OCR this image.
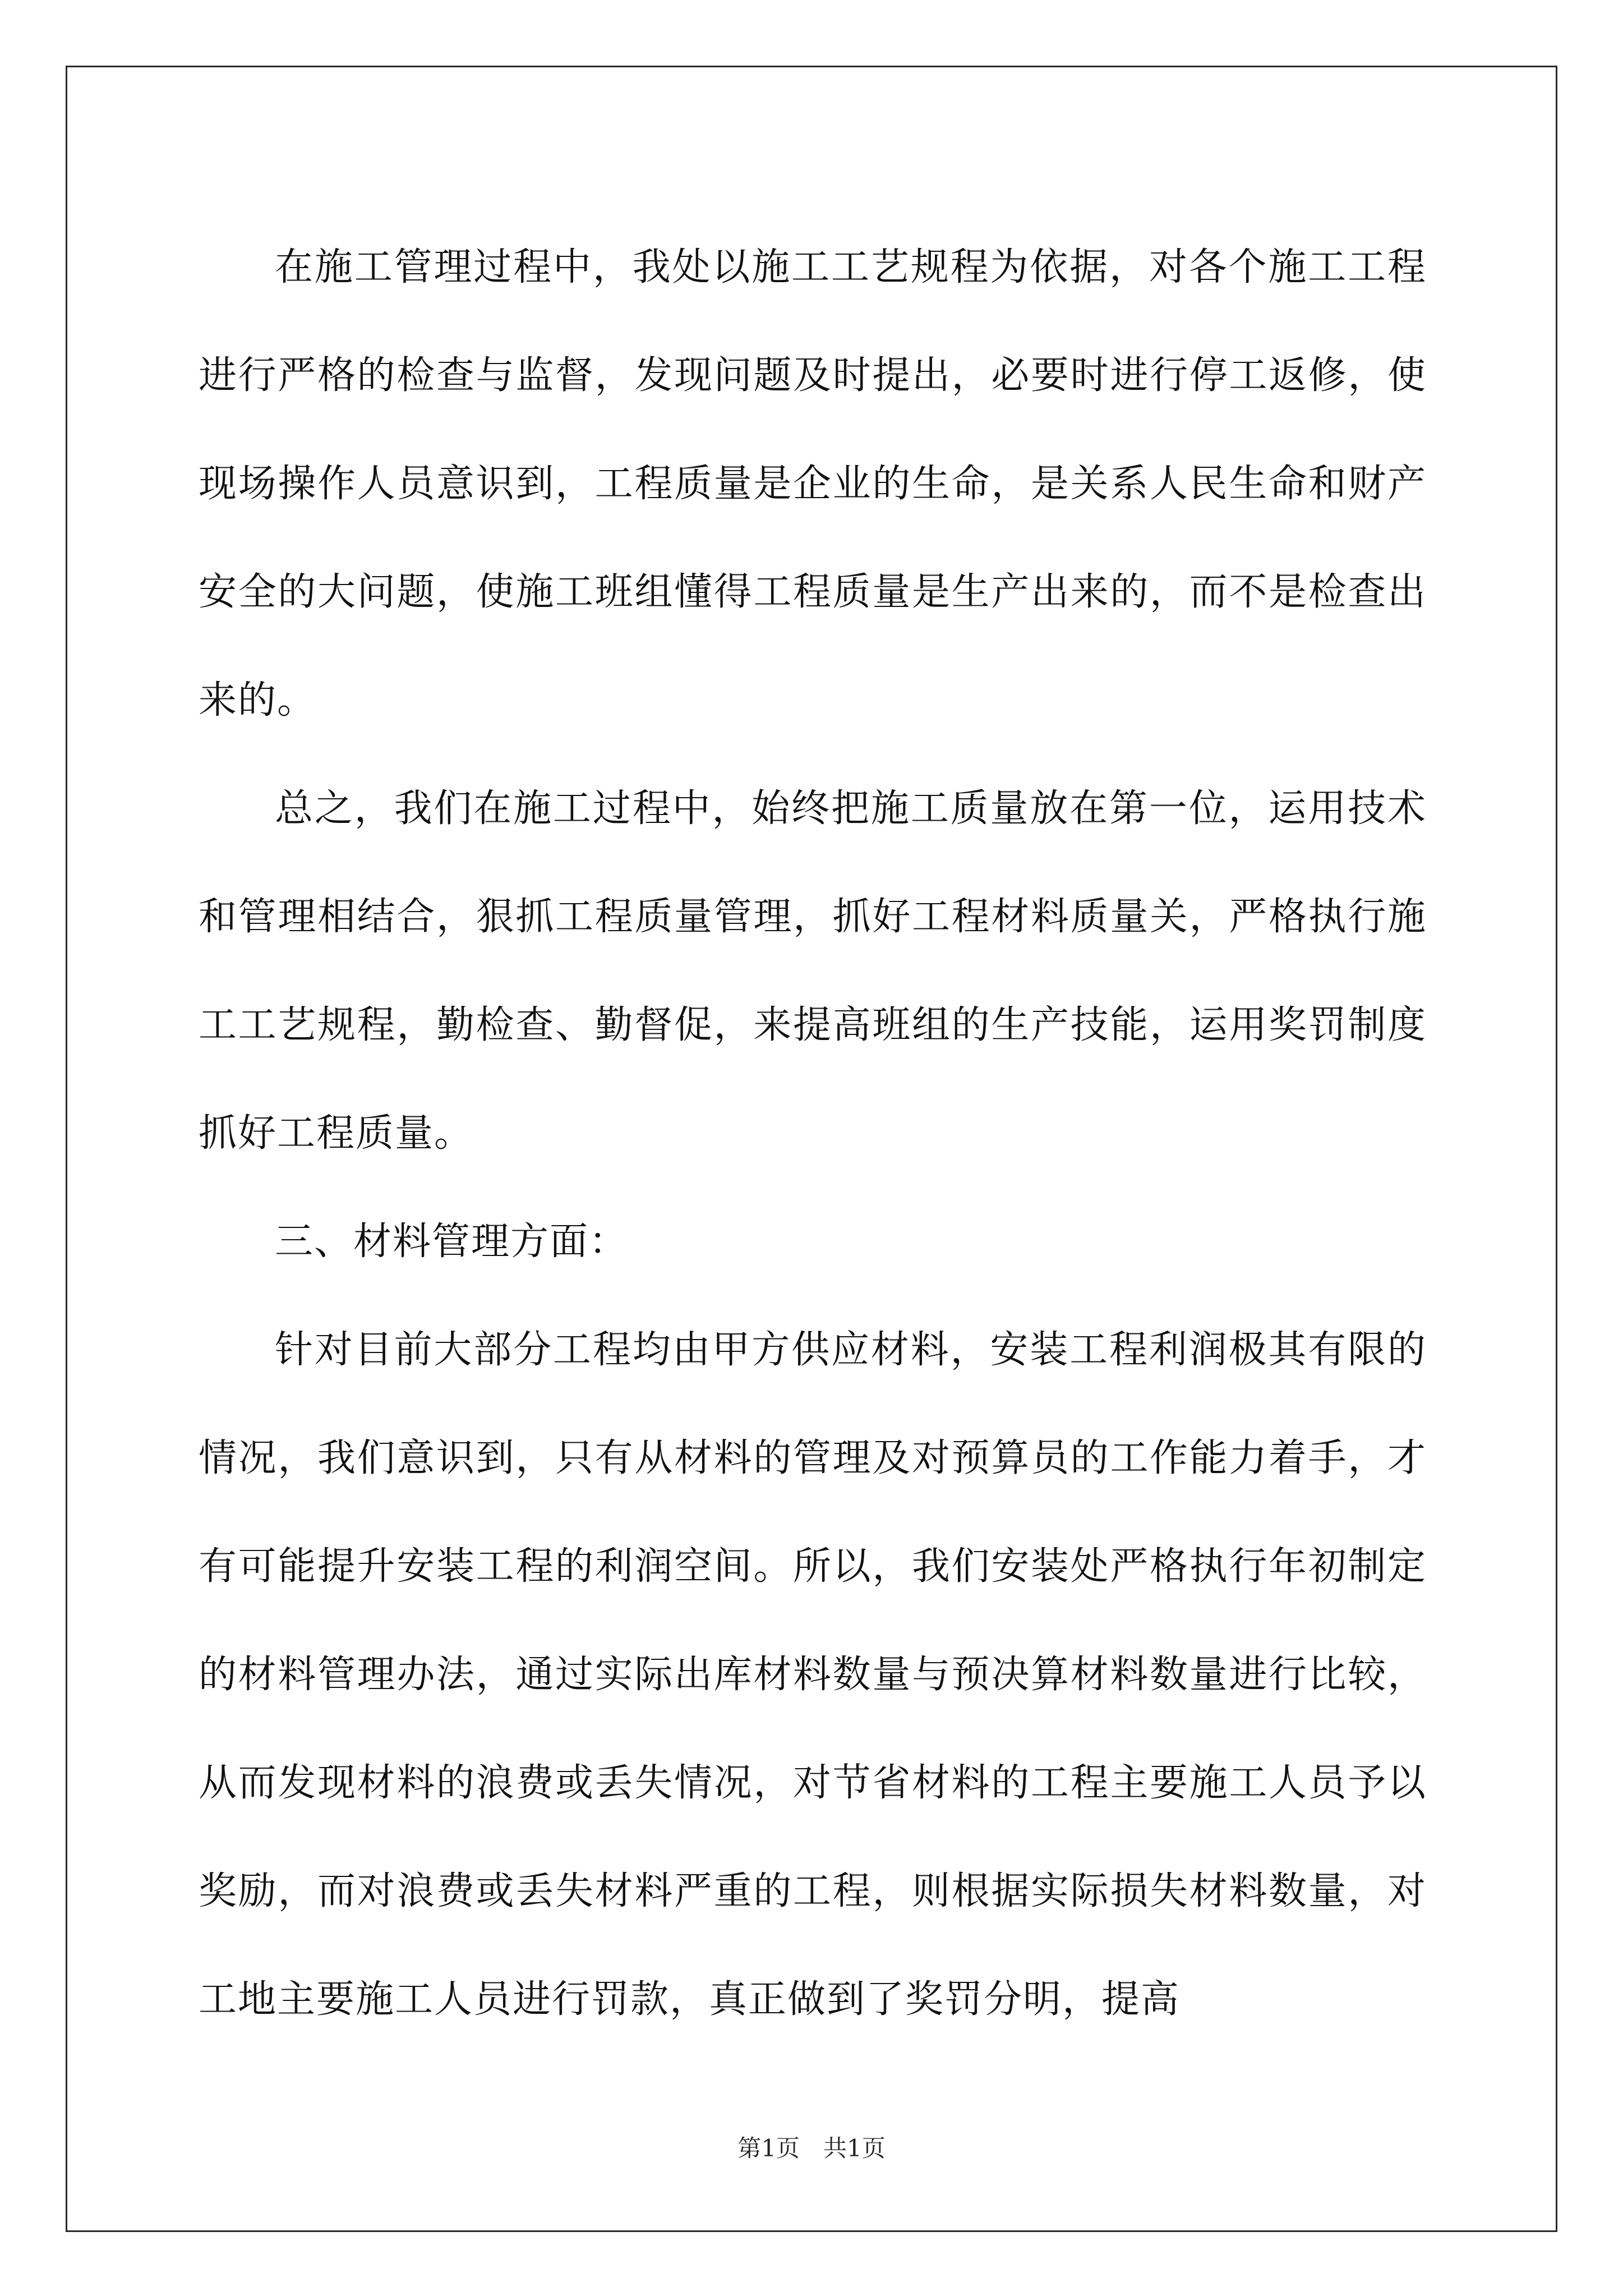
在施工管理过程中，我处以施工工艺规程为依据，对各个施工工程进行严格的检查与监督，发现问题及时提出，必要时进行停工返修，使现场操作人员意识到，工程质量是企业的生命，是关系人民生命和财产安全的大问题，使施工班组懂得工程质量是生产出来的，而不是检查出来的。

总之，我们在施工过程中，始终把施工质量放在第一位，运用技术和管理相结合，狠抓工程质量管理，抓好工程材料质量关，严格执行施工工艺规程，勤检查、勤督促，来提高班组的生产技能，运用奖罚制度抓好工程质量。

三、材料管理方面：

针对目前大部分工程均由甲方供应材料，安装工程利润极其有限的情况，我们意识到，只有从材料的管理及对预算员的工作能力着手，才有可能提升安装工程的利润空间。所以，我们安装处严格执行年初制定的材料管理办法，通过实际出库材料数量与预决算材料数量进行比较，从而发现材料的浪费或丢失情况，对节省材料的工程主要施工人员予以奖励，而对浪费或丢失材料严重的工程，则根据实际损失材料数量，对工地主要施工人员进行罚款，真正做到了奖罚分明，提高

第1页　共1页
